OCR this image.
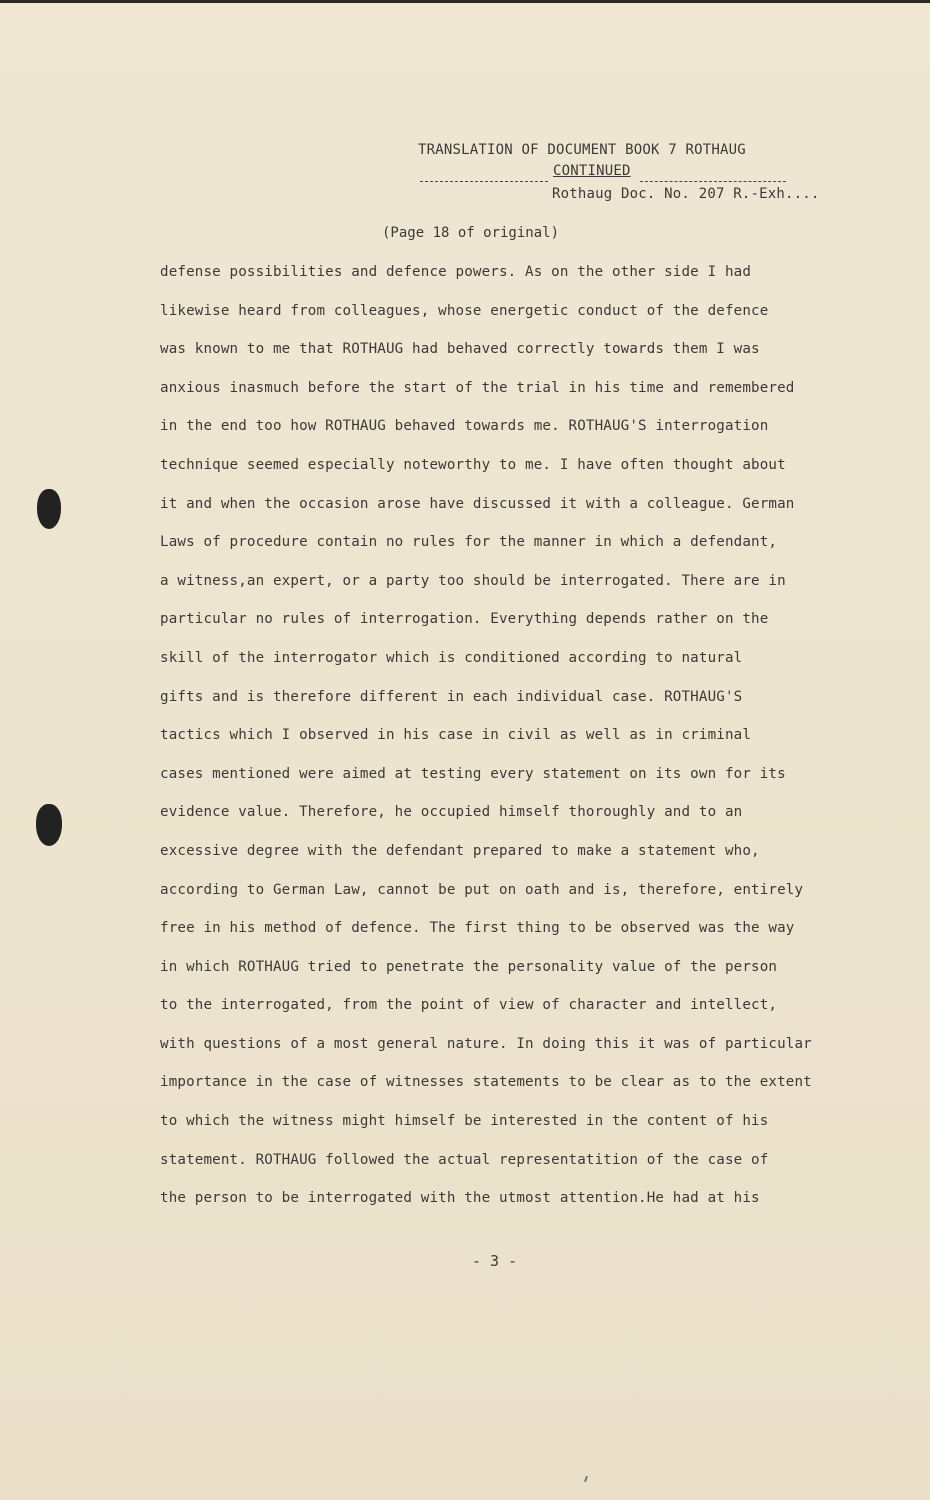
TRANSLATION OF DOCUMENT BOOK 7 ROTHAUG
CONTINUED
Rothaug Doc. No. 207 R.-Exh....
(Page 18 of original)
defense possibilities and defence powers. As on the other side I had
likewise heard from colleagues, whose energetic conduct of the defence
was known to me that ROTHAUG had behaved correctly towards them I was
anxious inasmuch before the start of the trial in his time and remembered
in the end too how ROTHAUG behaved towards me. ROTHAUG'S interrogation
technique seemed especially noteworthy to me. I have often thought about
it and when the occasion arose have discussed it with a colleague. German
Laws of procedure contain no rules for the manner in which a defendant,
a witness,an expert, or a party too should be interrogated. There are in
particular no rules of interrogation. Everything depends rather on the
skill of the interrogator which is conditioned according to natural
gifts and is therefore different in each individual case. ROTHAUG'S
tactics which I observed in his case in civil as well as in criminal
cases mentioned were aimed at testing every statement on its own for its
evidence value. Therefore, he occupied himself thoroughly and to an
excessive degree with the defendant prepared to make a statement who,
according to German Law, cannot be put on oath and is, therefore, entirely
free in his method of defence. The first thing to be observed was the way
in which ROTHAUG tried to penetrate the personality value of the person
to the interrogated, from the point of view of character and intellect,
with questions of a most general nature. In doing this it was of particular
importance in the case of witnesses statements to be clear as to the extent
to which the witness might himself be interested in the content of his
statement. ROTHAUG followed the actual representatition of the case of
the person to be interrogated with the utmost attention.He had at his
- 3 -
